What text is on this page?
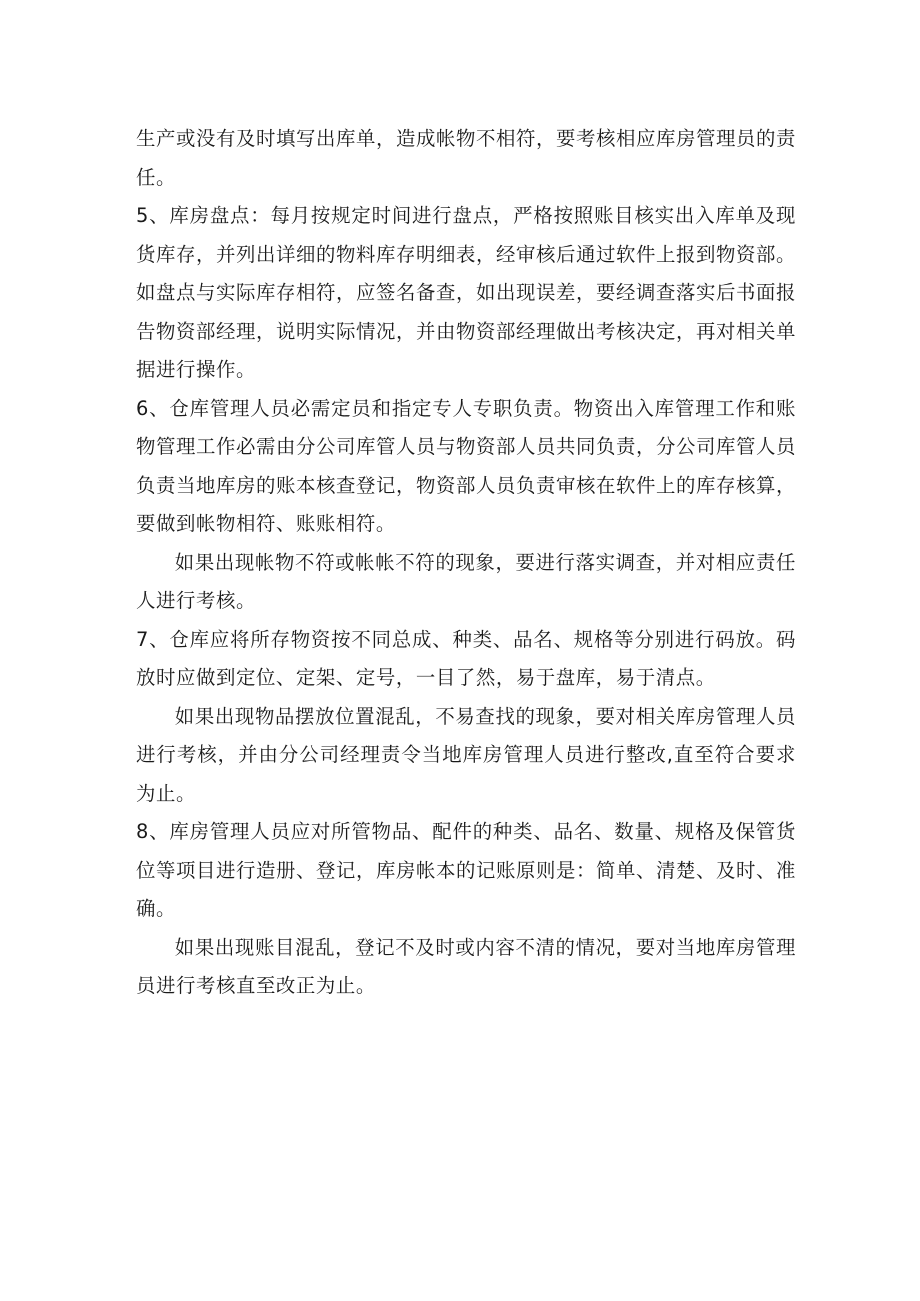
生产或没有及时填写出库单，造成帐物不相符，要考核相应库房管理员的责任。

5、库房盘点：每月按规定时间进行盘点，严格按照账目核实出入库单及现货库存，并列出详细的物料库存明细表，经审核后通过软件上报到物资部。如盘点与实际库存相符，应签名备查，如出现误差，要经调查落实后书面报告物资部经理，说明实际情况，并由物资部经理做出考核决定，再对相关单据进行操作。

6、仓库管理人员必需定员和指定专人专职负责。物资出入库管理工作和账物管理工作必需由分公司库管人员与物资部人员共同负责，分公司库管人员负责当地库房的账本核查登记，物资部人员负责审核在软件上的库存核算，要做到帐物相符、账账相符。

如果出现帐物不符或帐帐不符的现象，要进行落实调查，并对相应责任人进行考核。

7、仓库应将所存物资按不同总成、种类、品名、规格等分别进行码放。码放时应做到定位、定架、定号，一目了然，易于盘库，易于清点。

如果出现物品摆放位置混乱，不易查找的现象，要对相关库房管理人员进行考核，并由分公司经理责令当地库房管理人员进行整改,直至符合要求为止。

8、库房管理人员应对所管物品、配件的种类、品名、数量、规格及保管货位等项目进行造册、登记，库房帐本的记账原则是：简单、清楚、及时、准确。

如果出现账目混乱，登记不及时或内容不清的情况，要对当地库房管理员进行考核直至改正为止。
